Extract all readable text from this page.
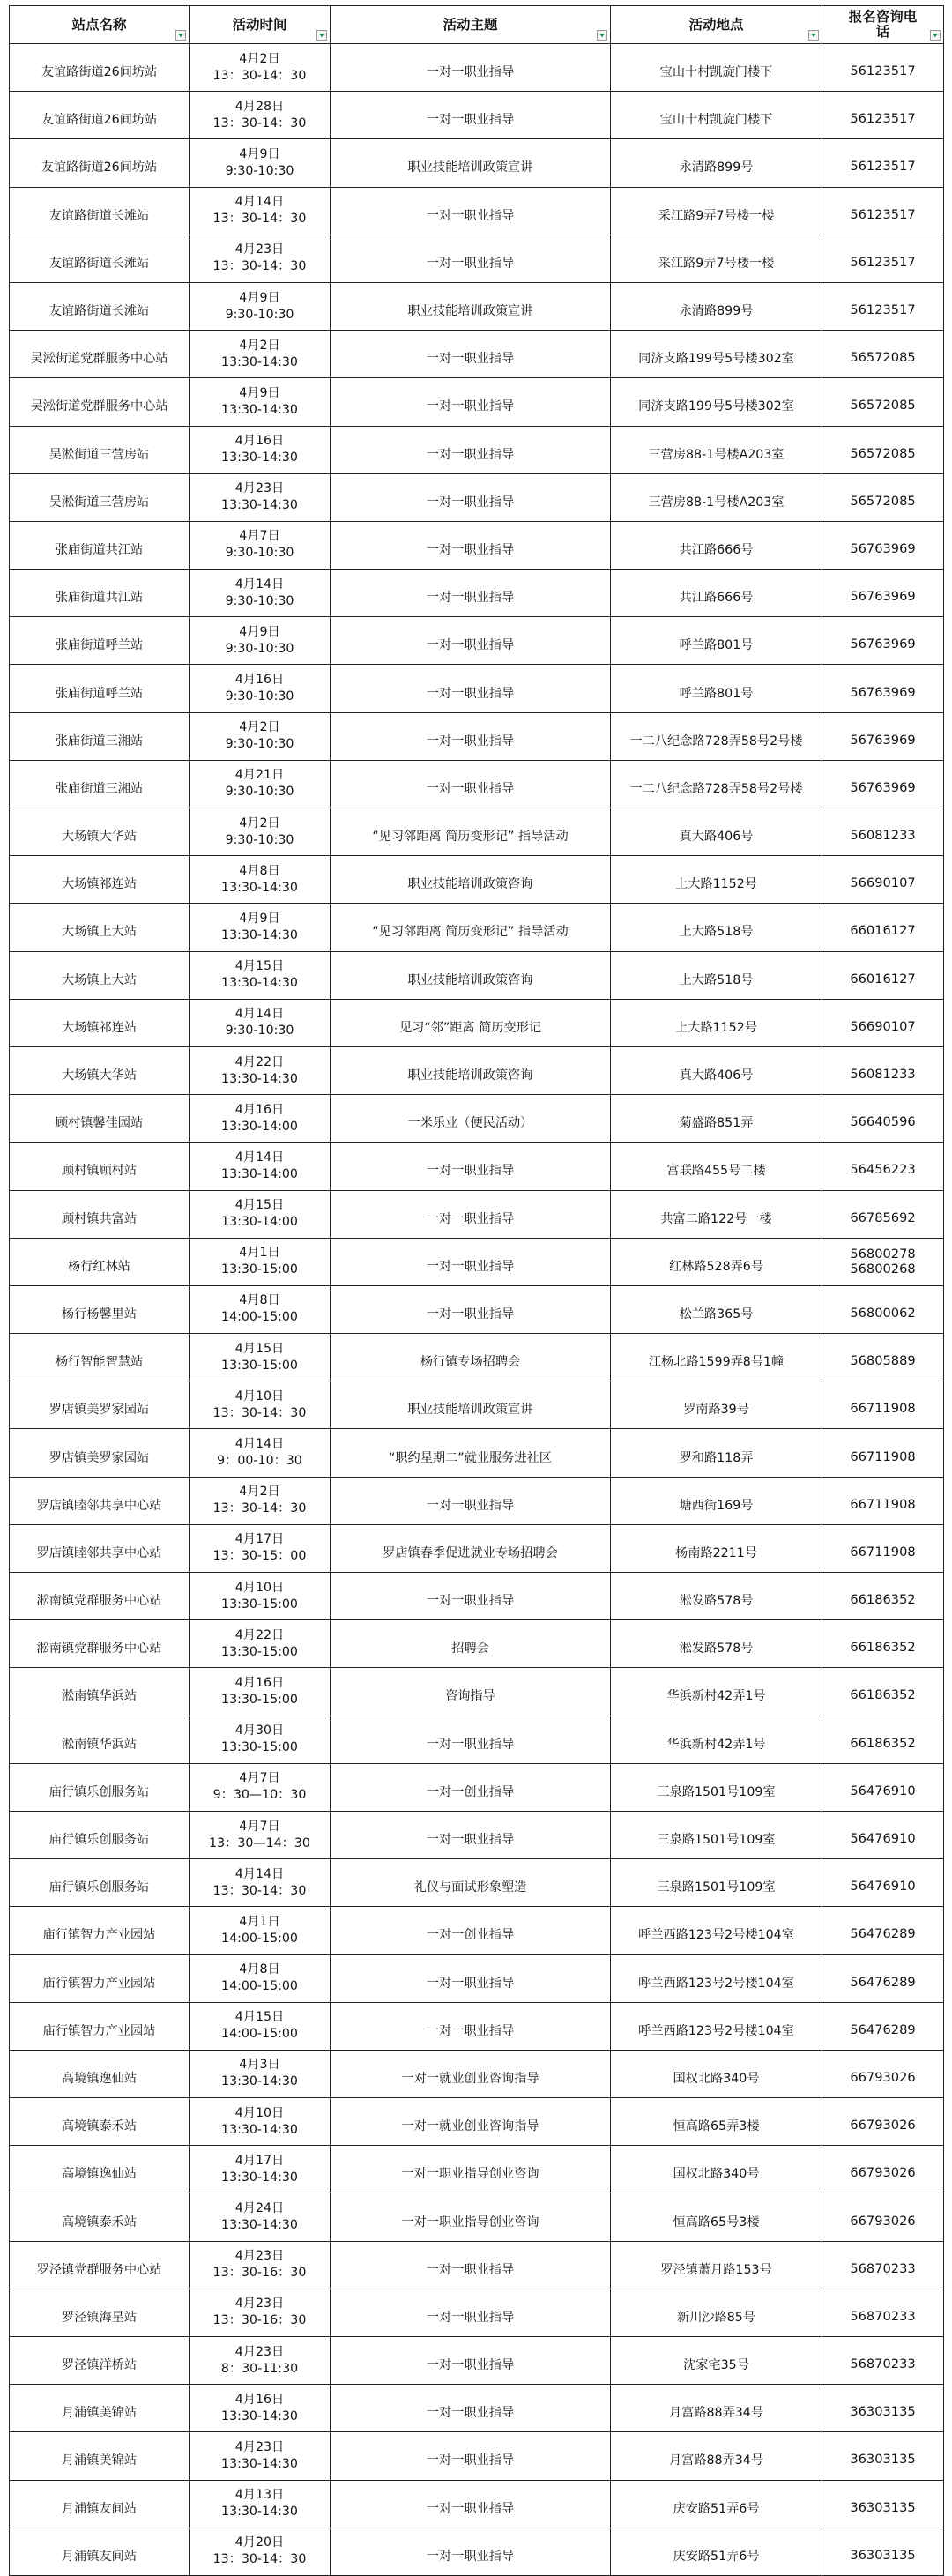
站点名称	活动时间	活动主题	活动地点	报名咨询电话

友谊路街道26间坊站	4月2日
13：30-14：30	一对一职业指导	宝山十村凯旋门楼下	56123517

友谊路街道26间坊站	4月28日
13：30-14：30	一对一职业指导	宝山十村凯旋门楼下	56123517

友谊路街道26间坊站	4月9日
9:30-10:30	职业技能培训政策宣讲	永清路899号	56123517

友谊路街道长滩站	4月14日
13：30-14：30	一对一职业指导	采江路9弄7号楼一楼	56123517

友谊路街道长滩站	4月23日
13：30-14：30	一对一职业指导	采江路9弄7号楼一楼	56123517

友谊路街道长滩站	4月9日
9:30-10:30	职业技能培训政策宣讲	永清路899号	56123517

吴淞街道党群服务中心站	4月2日
13:30-14:30	一对一职业指导	同济支路199号5号楼302室	56572085

吴淞街道党群服务中心站	4月9日
13:30-14:30	一对一职业指导	同济支路199号5号楼302室	56572085

吴淞街道三营房站	4月16日
13:30-14:30	一对一职业指导	三营房88-1号楼A203室	56572085

吴淞街道三营房站	4月23日
13:30-14:30	一对一职业指导	三营房88-1号楼A203室	56572085

张庙街道共江站	4月7日
9:30-10:30	一对一职业指导	共江路666号	56763969

张庙街道共江站	4月14日
9:30-10:30	一对一职业指导	共江路666号	56763969

张庙街道呼兰站	4月9日
9:30-10:30	一对一职业指导	呼兰路801号	56763969

张庙街道呼兰站	4月16日
9:30-10:30	一对一职业指导	呼兰路801号	56763969

张庙街道三湘站	4月2日
9:30-10:30	一对一职业指导	一二八纪念路728弄58号2号楼	56763969

张庙街道三湘站	4月21日
9:30-10:30	一对一职业指导	一二八纪念路728弄58号2号楼	56763969

大场镇大华站	4月2日
9:30-10:30	“见习邻距离 简历变形记” 指导活动	真大路406号	56081233

大场镇祁连站	4月8日
13:30-14:30	职业技能培训政策咨询	上大路1152号	56690107

大场镇上大站	4月9日
13:30-14:30	“见习邻距离 简历变形记” 指导活动	上大路518号	66016127

大场镇上大站	4月15日
13:30-14:30	职业技能培训政策咨询	上大路518号	66016127

大场镇祁连站	4月14日
9:30-10:30	见习“邻”距离 简历变形记	上大路1152号	56690107

大场镇大华站	4月22日
13:30-14:30	职业技能培训政策咨询	真大路406号	56081233

顾村镇馨佳园站	4月16日
13:30-14:00	一米乐业（便民活动）	菊盛路851弄	56640596

顾村镇顾村站	4月14日
13:30-14:00	一对一职业指导	富联路455号二楼	56456223

顾村镇共富站	4月15日
13:30-14:00	一对一职业指导	共富二路122号一楼	66785692

杨行红林站	4月1日
13:30-15:00	一对一职业指导	红林路528弄6号	56800278
56800268

杨行杨馨里站	4月8日
14:00-15:00	一对一职业指导	松兰路365号	56800062

杨行智能智慧站	4月15日
13:30-15:00	杨行镇专场招聘会	江杨北路1599弄8号1幢	56805889

罗店镇美罗家园站	4月10日
13：30-14：30	职业技能培训政策宣讲	罗南路39号	66711908

罗店镇美罗家园站	4月14日
9：00-10：30	“职约星期二”就业服务进社区	罗和路118弄	66711908

罗店镇睦邻共享中心站	4月2日
13：30-14：30	一对一职业指导	塘西街169号	66711908

罗店镇睦邻共享中心站	4月17日
13：30-15：00	罗店镇春季促进就业专场招聘会	杨南路2211号	66711908

淞南镇党群服务中心站	4月10日
13:30-15:00	一对一职业指导	淞发路578号	66186352

淞南镇党群服务中心站	4月22日
13:30-15:00	招聘会	淞发路578号	66186352

淞南镇华浜站	4月16日
13:30-15:00	咨询指导	华浜新村42弄1号	66186352

淞南镇华浜站	4月30日
13:30-15:00	一对一职业指导	华浜新村42弄1号	66186352

庙行镇乐创服务站	4月7日
9：30—10：30	一对一创业指导	三泉路1501号109室	56476910

庙行镇乐创服务站	4月7日
13：30—14：30	一对一职业指导	三泉路1501号109室	56476910

庙行镇乐创服务站	4月14日
13：30-14：30	礼仪与面试形象塑造	三泉路1501号109室	56476910

庙行镇智力产业园站	4月1日
14:00-15:00	一对一创业指导	呼兰西路123号2号楼104室	56476289

庙行镇智力产业园站	4月8日
14:00-15:00	一对一职业指导	呼兰西路123号2号楼104室	56476289

庙行镇智力产业园站	4月15日
14:00-15:00	一对一职业指导	呼兰西路123号2号楼104室	56476289

高境镇逸仙站	4月3日
13:30-14:30	一对一就业创业咨询指导	国权北路340号	66793026

高境镇泰禾站	4月10日
13:30-14:30	一对一就业创业咨询指导	恒高路65弄3楼	66793026

高境镇逸仙站	4月17日
13:30-14:30	一对一职业指导创业咨询	国权北路340号	66793026

高境镇泰禾站	4月24日
13:30-14:30	一对一职业指导创业咨询	恒高路65号3楼	66793026

罗泾镇党群服务中心站	4月23日
13：30-16：30	一对一职业指导	罗泾镇萧月路153号	56870233

罗泾镇海星站	4月23日
13：30-16：30	一对一职业指导	新川沙路85号	56870233

罗泾镇洋桥站	4月23日
8：30-11:30	一对一职业指导	沈家宅35号	56870233

月浦镇美锦站	4月16日
13:30-14:30	一对一职业指导	月富路88弄34号	36303135

月浦镇美锦站	4月23日
13:30-14:30	一对一职业指导	月富路88弄34号	36303135

月浦镇友间站	4月13日
13:30-14:30	一对一职业指导	庆安路51弄6号	36303135

月浦镇友间站	4月20日
13：30-14：30	一对一职业指导	庆安路51弄6号	36303135
